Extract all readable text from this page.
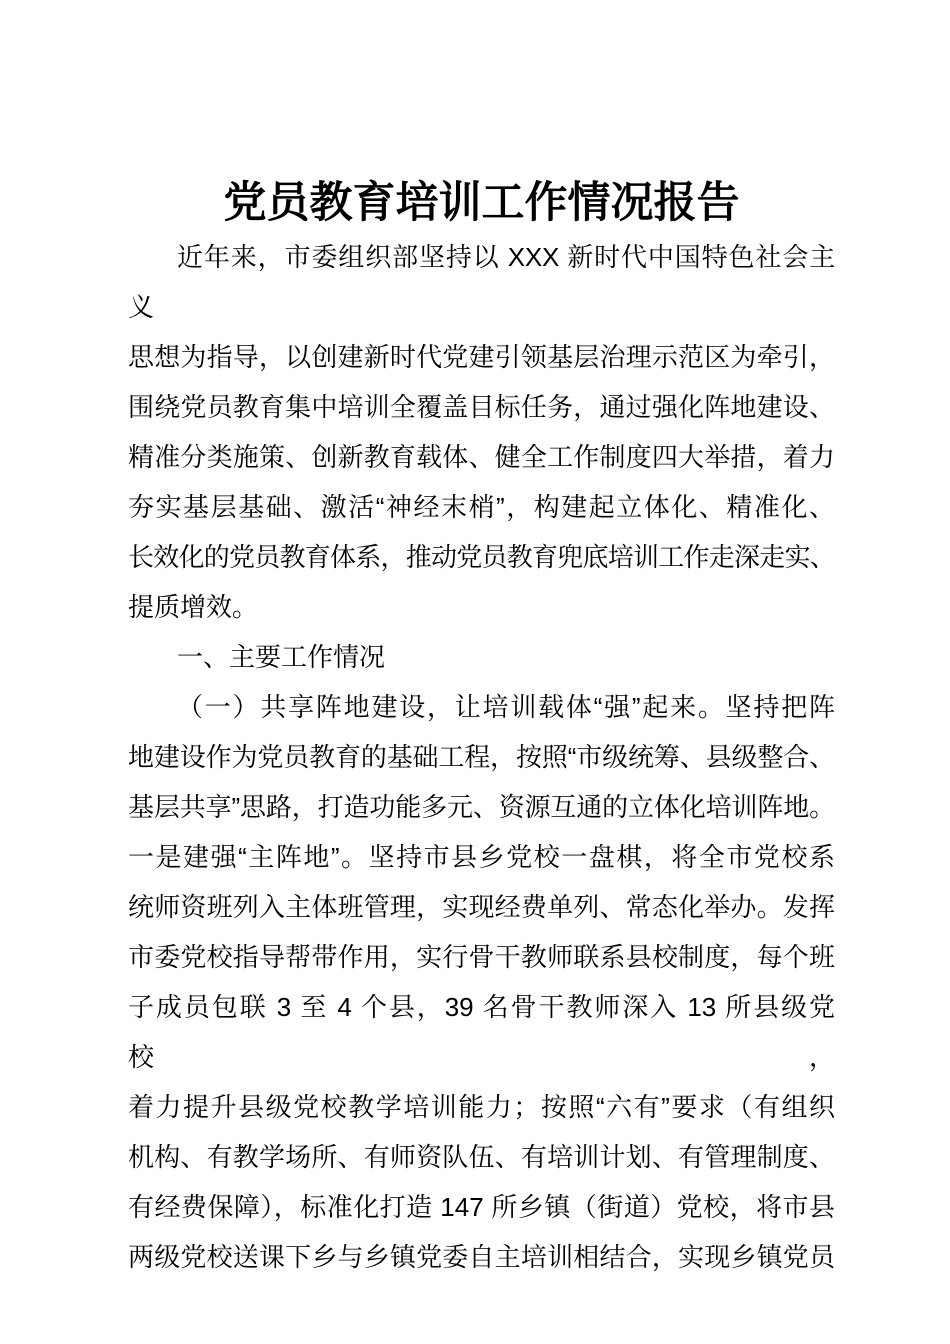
党员教育培训工作情况报告
近年来，市委组织部坚持以 XXX 新时代中国特色社会主义
思想为指导，以创建新时代党建引领基层治理示范区为牵引，
围绕党员教育集中培训全覆盖目标任务，通过强化阵地建设、
精准分类施策、创新教育载体、健全工作制度四大举措，着力
夯实基层基础、激活“神经末梢”，构建起立体化、精准化、
长效化的党员教育体系，推动党员教育兜底培训工作走深走实、
提质增效。
一、主要工作情况
（一）共享阵地建设，让培训载体“强”起来。坚持把阵
地建设作为党员教育的基础工程，按照“市级统筹、县级整合、
基层共享”思路，打造功能多元、资源互通的立体化培训阵地。
一是建强“主阵地”。坚持市县乡党校一盘棋，将全市党校系
统师资班列入主体班管理，实现经费单列、常态化举办。发挥
市委党校指导帮带作用，实行骨干教师联系县校制度，每个班
子成员包联 3 至 4 个县，39 名骨干教师深入 13 所县级党校，
着力提升县级党校教学培训能力；按照“六有”要求（有组织
机构、有教学场所、有师资队伍、有培训计划、有管理制度、
有经费保障），标准化打造 147 所乡镇（街道）党校，将市县
两级党校送课下乡与乡镇党委自主培训相结合，实现乡镇党员
